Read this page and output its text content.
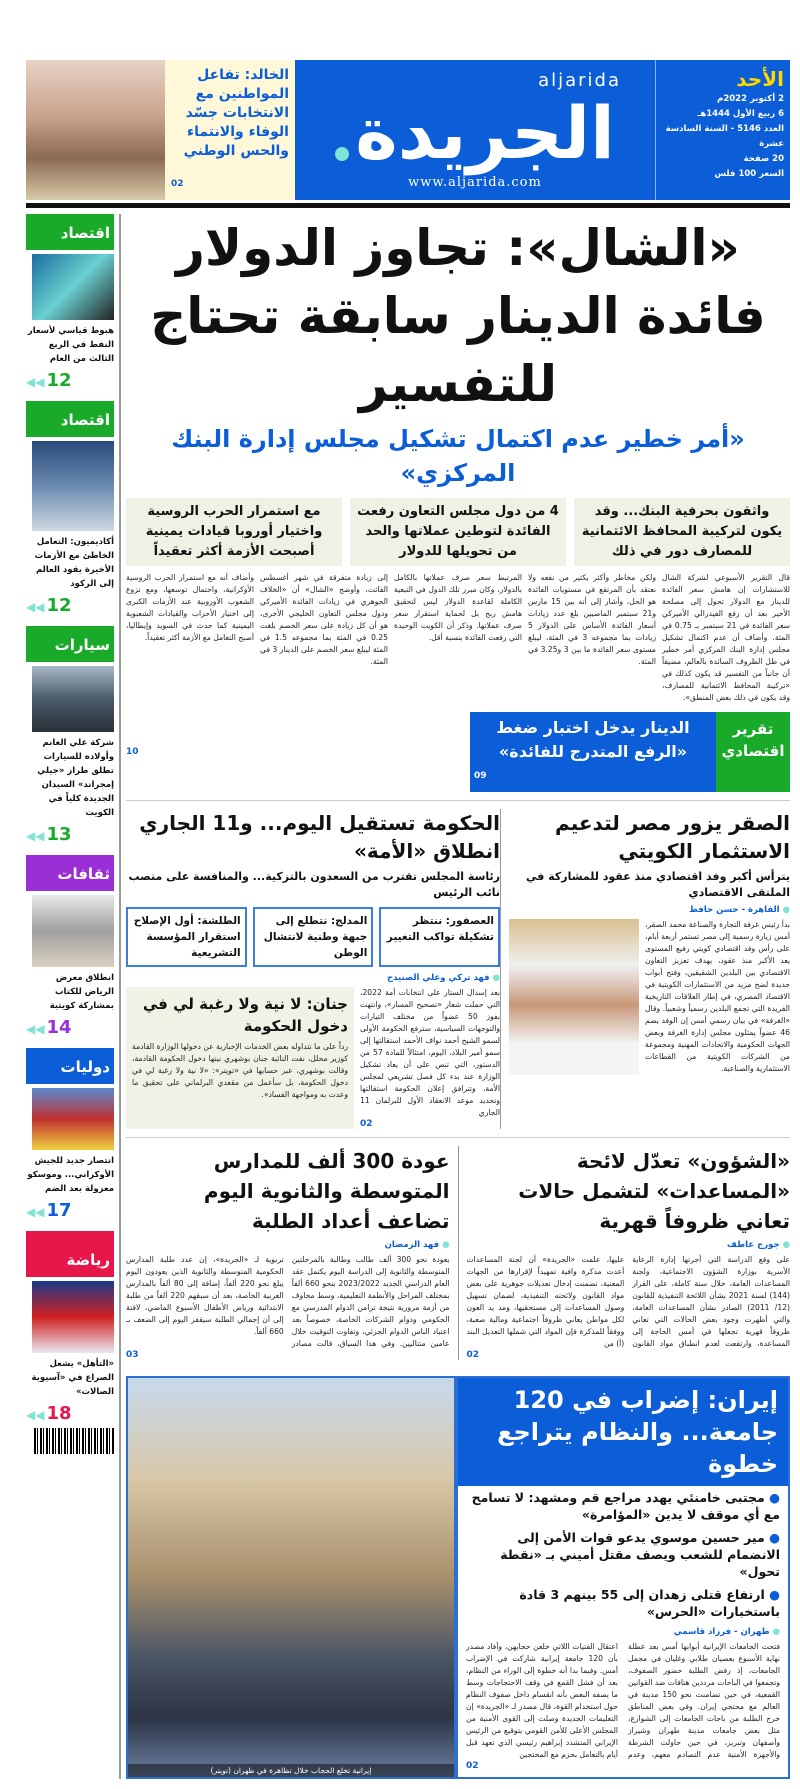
الخالد: تفاعل المواطنين مع الانتخابات جسّد الوفاء والانتماء والحس الوطني
02
الأحد
2 أكتوبر 2022م
6 ربيع الأول 1444هـ
العدد 5146 - السنة السادسة عشرة
20 صفحة
السعر 100 فلس
aljarida
الجريدة
www.aljarida.com
اقتصاد
هبوط قياسي لأسعار النفط في الربع الثالث من العام
◀◀ 12
اقتصاد
أكاديميون: التعامل الخاطئ مع الأزمات الأخيرة يقود العالم إلى الركود
◀◀ 12
سيارات
شركة علي الغانم وأولاده للسيارات تطلق طراز «جيلي إمجراند» السيدان الجديدة كلياً في الكويت
◀◀ 13
ثقافات
انطلاق معرض الرياض للكتاب بمشاركة كويتية
◀◀ 14
دوليات
انتصار جديد للجيش الأوكراني... وموسكو معزولة بعد الضم
◀◀ 17
رياضة
«التأهل» يشعل الصراع في «آسيوية الصالات»
◀◀ 18
«الشال»: تجاوز الدولار فائدة الدينار سابقة تحتاج للتفسير
«أمر خطير عدم اكتمال تشكيل مجلس إدارة البنك المركزي»
واثقون بحرفية البنك... وقد يكون لتركيبة المحافظ الائتمانية للمصارف دور في ذلك
4 من دول مجلس التعاون رفعت الفائدة لتوطين عملاتها والحد من تحويلها للدولار
مع استمرار الحرب الروسية واختيار أوروبا قيادات يمينية أصبحت الأزمة أكثر تعقيداً
قال التقرير الأسبوعي لشركة الشال للاستشارات إن هامش سعر الفائدة للدينار مع الدولار تحول إلى مصلحة الأخير بعد أن رفع الفيدرالي الأميركي سعر الفائدة في 21 سبتمبر بـ 0.75 في المئة. وأضاف أن عدم اكتمال تشكيل مجلس إدارة البنك المركزي أمر خطير في ظل الظروف السائدة بالعالم، مضيفاً أن جانباً من التفسير قد يكون كذلك في «تركيبة المحافظ الائتمانية للمصارف، وقد يكون في ذلك بعض المنطق».
ولكن مخاطر وأكثر بكثير من نفعه ولا نعتقد بأن المرتفع في مستويات الفائدة هو الحل، وأشار إلى أنه بين 15 مارس و21 سبتمبر الماضيين بلغ عدد زيادات أسعار الفائدة الأساس على الدولار 5 زيادات بما مجموعه 3 في المئة، ليبلغ مستوى سعر الفائدة ما بين 3 و3.25 في المئة.
المرتبط سعر صرف عملاتها بالكامل بالدولار، وكان مبرر تلك الدول في التبعية الكاملة لقاعدة الدولار ليس لتحقيق هامش ربح بل لحماية استقرار سعر صرف عملاتها. وذكر أن الكويت الوحيدة التي رفعت الفائدة بنسبة أقل.
إلى زيادة متفرقة في شهر أغسطس الفائت، وأوضح «الشال» أن «الخلاف الجوهري في زيادات الفائدة الأميركي ودول مجلس التعاون الخليجي الأخرى، هو أن كل زيادة على سعر الخصم بلغت 0.25 في المئة بما مجموعه 1.5 في المئة ليبلغ سعر الخصم على الدينار 3 في المئة.
وأضاف أنه مع استمرار الحرب الروسية الأوكرانية، واحتمال توسعها، ومع نزوع الشعوب الأوروبية عند الأزمات الكبرى إلى اختيار الأحزاب والقيادات الشعبوية اليمينية كما حدث في السويد وإيطاليا، أصبح التعامل مع الأزمة أكثر تعقيداً.
تقرير اقتصادي
الدينار يدخل اختبار ضغط «الرفع المتدرج للفائدة»
09
10
الصقر يزور مصر لتدعيم الاستثمار الكويتي
يترأس أكبر وفد اقتصادي منذ عقود للمشاركة في الملتقى الاقتصادي
● القاهرة - حسن حافظ
بدأ رئيس غرفة التجارة والصناعة محمد الصقر، أمس زيارة رسمية إلى مصر تستمر أربعة أيام، على رأس وفد اقتصادي كويتي رفيع المستوى يعد الأكبر منذ عقود، بهدف تعزيز التعاون الاقتصادي بين البلدين الشقيقين، وفتح أبواب جديدة لضخ مزيد من الاستثمارات الكويتية في الاقتصاد المصري، في إطار العلاقات التاريخية الفريدة التي تجمع البلدين رسمياً وشعبياً. وقال «الغرفة» في بيان رسمي أمس إن الوفد يضم 46 عضواً يمثلون مجلس إدارة الغرفة وبعض الجهات الحكومية والاتحادات المهنية ومجموعة من الشركات الكويتية من القطاعات الاستثمارية والصناعية.
الحكومة تستقيل اليوم... و11 الجاري انطلاق «الأمة»
رئاسة المجلس تقترب من السعدون بالتزكية... والمنافسة على منصب نائب الرئيس
العصفور: ننتظر تشكيلة تواكب التغيير
المدلج: نتطلع إلى جبهة وطنية لانتشال الوطن
الطلشة: أول الإصلاح استقرار المؤسسة التشريعية
● فهد تركي وعلي الصنيدح
بعد إسدال الستار على انتخابات أمة 2022، التي حملت شعار «تصحيح المسار»، وانتهت بفوز 50 عضواً من مختلف التيارات والتوجهات السياسية، سترفع الحكومة الأولى لسمو الشيخ أحمد نواف الأحمد استقالتها إلى سمو أمير البلاد، اليوم، امتثالاً للمادة 57 من الدستور، التي تنص على أن يعاد تشكيل الوزارة عند بدء كل فصل تشريعي لمجلس الأمة، وتترافق إعلان الحكومة استقالتها وتحديد موعد الانعقاد الأول للبرلمان 11 الجاري
02
جنان: لا نية ولا رغبة لي في دخول الحكومة
رداً على ما تتداوله بعض الخدمات الإخبارية عن دخولها الوزارة القادمة كوزير محلل، نفت النائبة جنان بوشهري نيتها دخول الحكومة القادمة، وقالت بوشهري، عبر حسابها في «تويتر»: «لا نية ولا رغبة لي في دخول الحكومة، بل سأعمل من مقعدي البرلماني على تحقيق ما وعدت به ومواجهة الفساد».
«الشؤون» تعدّل لائحة «المساعدات» لتشمل حالات تعاني ظروفاً قهرية
● جورج عاطف
على وقع الدراسة التي أجرتها إدارة الرعاية الأسرية بوزارة الشؤون الاجتماعية، ولجنة المساعدات العامة، خلال سنة كاملة، على القرار (144) لسنة 2021 بشأن اللائحة التنفيذية للقانون (12/ 2011) الصادر بشأن المساعدات العامة، والتي أظهرت وجود بعض الحالات التي تعاني ظروفاً قهرية تجعلها في أمس الحاجة إلى المساعدة، وارتفعت لعدم انطباق مواد القانون عليها، علمت «الجريدة» أن لجنة المساعدات أعدت مذكرة وافية تمهيداً لإقرارها من الجهات المعنية، تضمنت إدخال تعديلات جوهرية على بعض مواد القانون ولائحته التنفيذية، لضمان تسهيل وصول المساعدات إلى مستحقيها، ومد يد العون لكل مواطن يعاني ظروفاً اجتماعية ومالية صعبة، ووفقاً للمذكرة فإن المواد التي شملها التعديل البند (أ) من
02
عودة 300 ألف للمدارس المتوسطة والثانوية اليوم تضاعف أعداد الطلبة
● فهد الرمضان
بعودة نحو 300 ألف طالب وطالبة بالمرحلتين المتوسطة والثانوية إلى الدراسة اليوم يكتمل عقد العام الدراسي الجديد 2023/2022 بنحو 660 ألفاً بمختلف المراحل والأنظمة التعليمية، وسط مخاوف من أزمة مرورية نتيجة تزامن الدوام المدرسي مع الحكومي ودوام الشركات الخاصة، خصوصاً بعد اعتياد الناس الدوام الجزئي، وتفاوت التوقيت خلال عامين متتاليين. وفي هذا السياق، قالت مصادر تربوية لـ «الجريدة»، إن عدد طلبة المدارس الحكومية المتوسطة والثانوية الذين يعودون اليوم يبلغ نحو 220 ألفاً، إضافة إلى 80 ألفاً بالمدارس العربية الخاصة، بعد أن سبقهم 220 ألفاً من طلبة الابتدائية ورياض الأطفال الأسبوع الماضي، لافتة إلى أن إجمالي الطلبة سيقفز اليوم إلى الضعف بـ 660 ألفاً.
03
إيران: إضراب في 120 جامعة... والنظام يتراجع خطوة
● مجتبى خامنئي يهدد مراجع قم ومشهد: لا تسامح مع أي موقف لا يدين «المؤامرة»
● مير حسين موسوي يدعو قوات الأمن إلى الانضمام للشعب ويصف مقتل أميني بـ «نقطة تحول»
● ارتفاع قتلى زهدان إلى 55 بينهم 3 قادة باستخبارات «الحرس»
● طهران - فرزاد قاسمي
فتحت الجامعات الإيرانية أبوابها أمس بعد عطلة نهاية الأسبوع بعصيان طلابي وغليان في مجمل الجامعات، إذ رفض الطلبة حضور الصفوف، وتجمعوا في الباحات مرددين هتافات ضد القوانين القمعية، في حين تضامنت نحو 150 مدينة في العالم مع محتجي إيران. وفي بعض المناطق خرج الطلبة من باحات الجامعات إلى الشوارع، مثل بعض جامعات مدينة طهران وشيراز وأصفهان وتبريز، في حين حاولت الشرطة والأجهزة الأمنية عدم التصادم معهم، وعدم اعتقال الفتيات اللاتي خلعن حجابهن، وأفاد مصدر بأن 120 جامعة إيرانية شاركت في الإضراب أمس. وفيما بدا أنه خطوة إلى الوراء من النظام، بعد أن فشل القمع في وقف الاحتجاجات وسط ما يصفه البعض بأنه انقسام داخل صفوف النظام حول استخدام القوة، قال مصدر لـ «الجريدة» إن التعليمات الجديدة وصلت إلى القوى الأمنية من المجلس الأعلى للأمن القومي بتوقيع من الرئيس الإيراني المتشدد إبراهيم رئيسي الذي تعهد قبل أيام بالتعامل بحزم مع المحتجين
02
إيرانية تخلع الحجاب خلال تظاهرة في طهران (تويتر)
